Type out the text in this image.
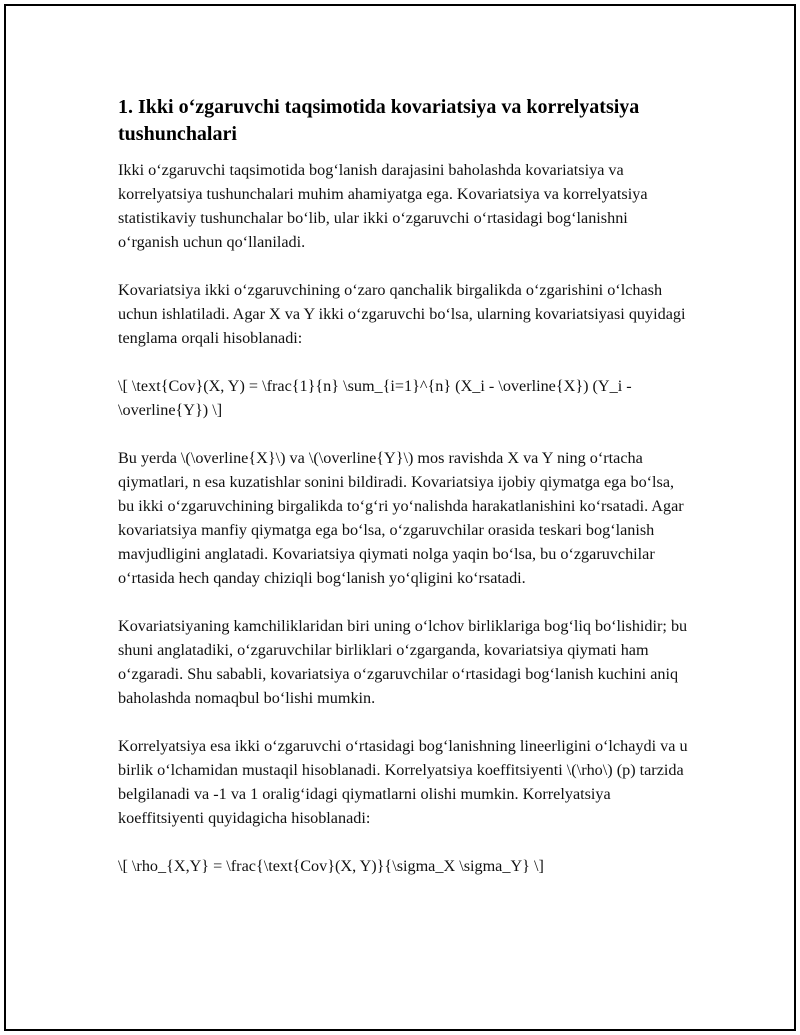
1. Ikki o‘zgaruvchi taqsimotida kovariatsiya va korrelyatsiya tushunchalari

Ikki o‘zgaruvchi taqsimotida bog‘lanish darajasini baholashda kovariatsiya va korrelyatsiya tushunchalari muhim ahamiyatga ega. Kovariatsiya va korrelyatsiya statistikaviy tushunchalar bo‘lib, ular ikki o‘zgaruvchi o‘rtasidagi bog‘lanishni o‘rganish uchun qo‘llaniladi.

Kovariatsiya ikki o‘zgaruvchining o‘zaro qanchalik birgalikda o‘zgarishini o‘lchash uchun ishlatiladi. Agar X va Y ikki o‘zgaruvchi bo‘lsa, ularning kovariatsiyasi quyidagi tenglama orqali hisoblanadi:

\[ \text{Cov}(X, Y) = \frac{1}{n} \sum_{i=1}^{n} (X_i - \overline{X}) (Y_i - \overline{Y}) \]

Bu yerda \(\overline{X}\) va \(\overline{Y}\) mos ravishda X va Y ning o‘rtacha qiymatlari, n esa kuzatishlar sonini bildiradi. Kovariatsiya ijobiy qiymatga ega bo‘lsa, bu ikki o‘zgaruvchining birgalikda to‘g‘ri yo‘nalishda harakatlanishini ko‘rsatadi. Agar kovariatsiya manfiy qiymatga ega bo‘lsa, o‘zgaruvchilar orasida teskari bog‘lanish mavjudligini anglatadi. Kovariatsiya qiymati nolga yaqin bo‘lsa, bu o‘zgaruvchilar o‘rtasida hech qanday chiziqli bog‘lanish yo‘qligini ko‘rsatadi.

Kovariatsiyaning kamchiliklaridan biri uning o‘lchov birliklariga bog‘liq bo‘lishidir; bu shuni anglatadiki, o‘zgaruvchilar birliklari o‘zgarganda, kovariatsiya qiymati ham o‘zgaradi. Shu sababli, kovariatsiya o‘zgaruvchilar o‘rtasidagi bog‘lanish kuchini aniq baholashda nomaqbul bo‘lishi mumkin.

Korrelyatsiya esa ikki o‘zgaruvchi o‘rtasidagi bog‘lanishning lineerligini o‘lchaydi va u birlik o‘lchamidan mustaqil hisoblanadi. Korrelyatsiya koeffitsiyenti \(\rho\) (p) tarzida belgilanadi va -1 va 1 oralig‘idagi qiymatlarni olishi mumkin. Korrelyatsiya koeffitsiyenti quyidagicha hisoblanadi:

\[ \rho_{X,Y} = \frac{\text{Cov}(X, Y)}{\sigma_X \sigma_Y} \]
